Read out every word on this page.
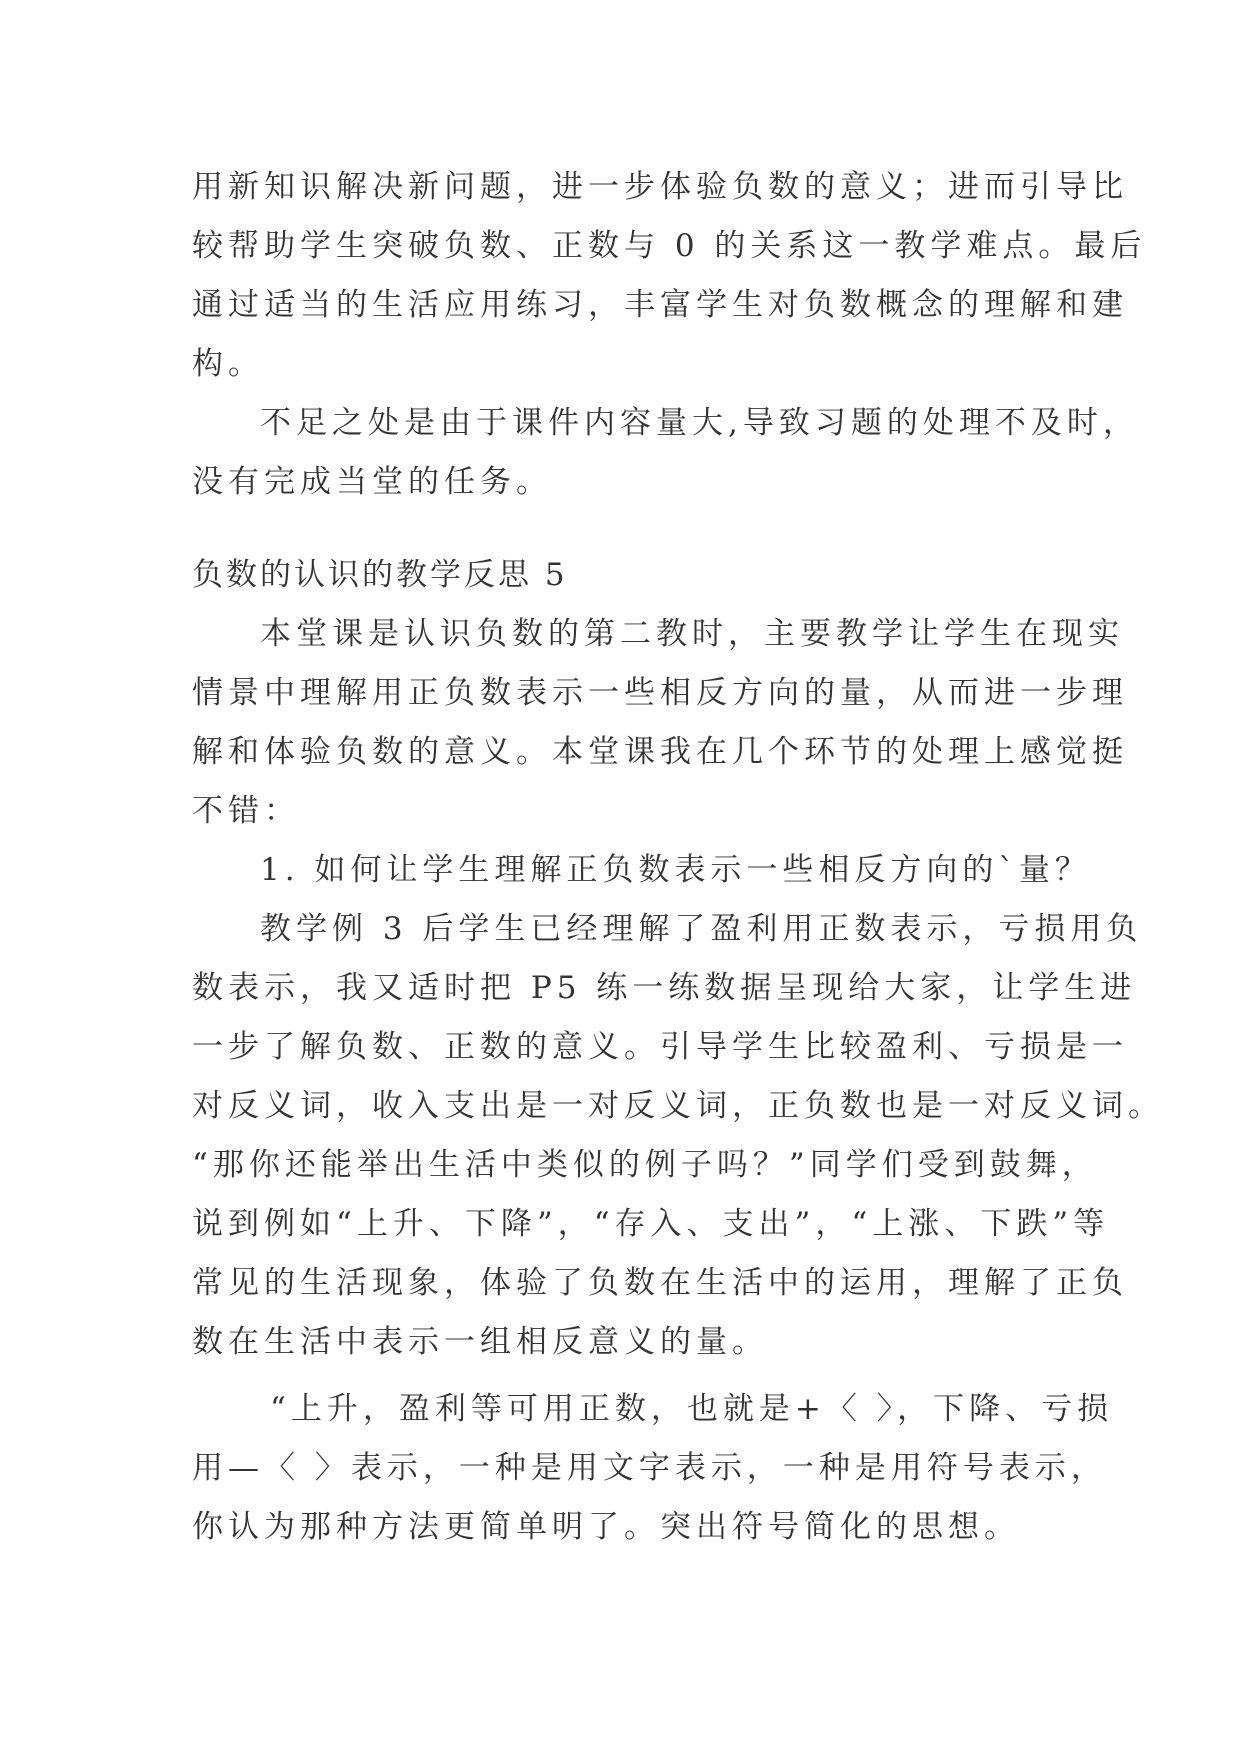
用新知识解决新问题，进一步体验负数的意义；进而引导比
较帮助学生突破负数、正数与 0 的关系这一教学难点。最后
通过适当的生活应用练习，丰富学生对负数概念的理解和建
构。
不足之处是由于课件内容量大,导致习题的处理不及时，
没有完成当堂的任务。
负数的认识的教学反思 5
本堂课是认识负数的第二教时，主要教学让学生在现实
情景中理解用正负数表示一些相反方向的量，从而进一步理
解和体验负数的意义。本堂课我在几个环节的处理上感觉挺
不错：
1. 如何让学生理解正负数表示一些相反方向的`量？
教学例 3 后学生已经理解了盈利用正数表示，亏损用负
数表示，我又适时把 P5 练一练数据呈现给大家，让学生进
一步了解负数、正数的意义。引导学生比较盈利、亏损是一
对反义词，收入支出是一对反义词，正负数也是一对反义词。
“那你还能举出生活中类似的例子吗？”同学们受到鼓舞，
说到例如“上升、下降”，“存入、支出”，“上涨、下跌”等
常见的生活现象，体验了负数在生活中的运用，理解了正负
数在生活中表示一组相反意义的量。
“上升，盈利等可用正数，也就是+〈 〉，下降、亏损
用—〈 〉表示，一种是用文字表示，一种是用符号表示，
你认为那种方法更简单明了。突出符号简化的思想。
